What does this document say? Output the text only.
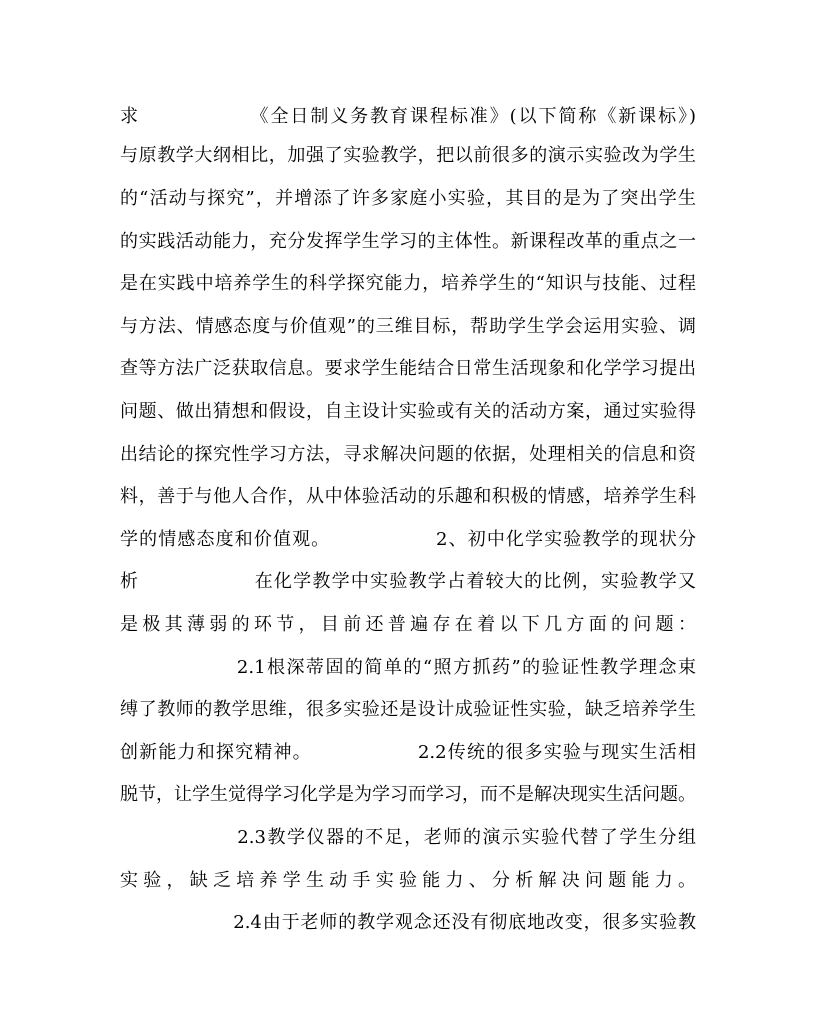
求　　　　　　《全日制义务教育课程标准》(以下简称《新课标》)
与原教学大纲相比，加强了实验教学，把以前很多的演示实验改为学生
的“活动与探究”，并增添了许多家庭小实验，其目的是为了突出学生
的实践活动能力，充分发挥学生学习的主体性。新课程改革的重点之一
是在实践中培养学生的科学探究能力，培养学生的“知识与技能、过程
与方法、情感态度与价值观”的三维目标，帮助学生学会运用实验、调
查等方法广泛获取信息。要求学生能结合日常生活现象和化学学习提出
问题、做出猜想和假设，自主设计实验或有关的活动方案，通过实验得
出结论的探究性学习方法，寻求解决问题的依据，处理相关的信息和资
料，善于与他人合作，从中体验活动的乐趣和积极的情感，培养学生科
学的情感态度和价值观。　　　　　　2、初中化学实验教学的现状分
析　　　　　　在化学教学中实验教学占着较大的比例，实验教学又
是极其薄弱的环节，目前还普遍存在着以下几方面的问题：
　　　　　　2.1根深蒂固的简单的“照方抓药”的验证性教学理念束
缚了教师的教学思维，很多实验还是设计成验证性实验，缺乏培养学生
创新能力和探究精神。　　　　　　2.2传统的很多实验与现实生活相
脱节，让学生觉得学习化学是为学习而学习，而不是解决现实生活问题。
　　　　　　2.3教学仪器的不足，老师的演示实验代替了学生分组
实验，缺乏培养学生动手实验能力、分析解决问题能力。
　　　　　　2.4由于老师的教学观念还没有彻底地改变，很多实验教
